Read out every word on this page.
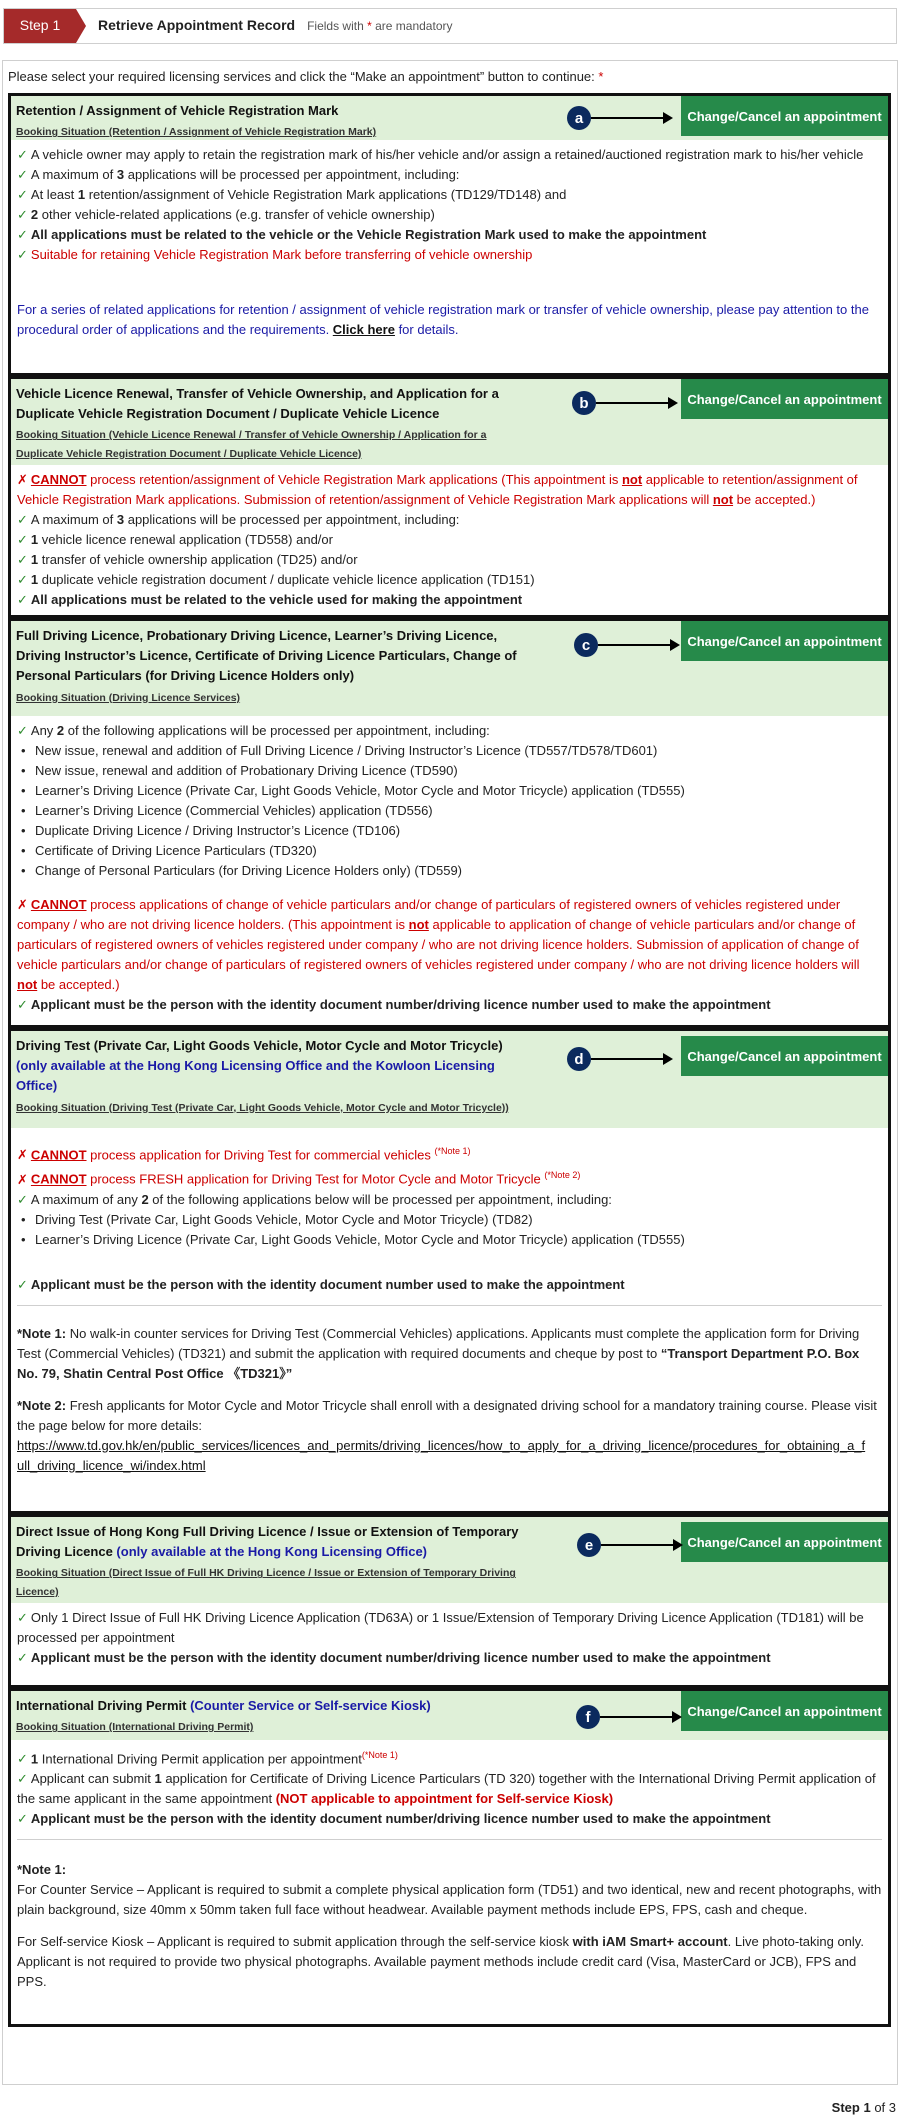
Step 1	Retrieve Appointment Record Fields with * are mandatory
Please select your required licensing services and click the “Make an appointment” button to continue: *
Retention / Assignment of Vehicle Registration Mark
Booking Situation (Retention / Assignment of Vehicle Registration Mark)
Change/Cancel an appointment
a
✓ A vehicle owner may apply to retain the registration mark of his/her vehicle and/or assign a retained/auctioned registration mark to his/her vehicle
✓ A maximum of 3 applications will be processed per appointment, including:
✓ At least 1 retention/assignment of Vehicle Registration Mark applications (TD129/TD148) and
✓ 2 other vehicle-related applications (e.g. transfer of vehicle ownership)
✓ All applications must be related to the vehicle or the Vehicle Registration Mark used to make the appointment
✓ Suitable for retaining Vehicle Registration Mark before transferring of vehicle ownership
For a series of related applications for retention / assignment of vehicle registration mark or transfer of vehicle ownership, please pay attention to the procedural order of applications and the requirements. Click here for details.
Vehicle Licence Renewal, Transfer of Vehicle Ownership, and Application for a
Duplicate Vehicle Registration Document / Duplicate Vehicle Licence
Booking Situation (Vehicle Licence Renewal / Transfer of Vehicle Ownership / Application for a
Duplicate Vehicle Registration Document / Duplicate Vehicle Licence)
Change/Cancel an appointment
b
✗ CANNOT process retention/assignment of Vehicle Registration Mark applications (This appointment is not applicable to retention/assignment of Vehicle Registration Mark applications. Submission of retention/assignment of Vehicle Registration Mark applications will not be accepted.)
✓ A maximum of 3 applications will be processed per appointment, including:
✓ 1 vehicle licence renewal application (TD558) and/or
✓ 1 transfer of vehicle ownership application (TD25) and/or
✓ 1 duplicate vehicle registration document / duplicate vehicle licence application (TD151)
✓ All applications must be related to the vehicle used for making the appointment
Full Driving Licence, Probationary Driving Licence, Learner’s Driving Licence,
Driving Instructor’s Licence, Certificate of Driving Licence Particulars, Change of
Personal Particulars (for Driving Licence Holders only)
Booking Situation (Driving Licence Services)
Change/Cancel an appointment
c
✓ Any 2 of the following applications will be processed per appointment, including:
• New issue, renewal and addition of Full Driving Licence / Driving Instructor’s Licence (TD557/TD578/TD601)
• New issue, renewal and addition of Probationary Driving Licence (TD590)
• Learner’s Driving Licence (Private Car, Light Goods Vehicle, Motor Cycle and Motor Tricycle) application (TD555)
• Learner’s Driving Licence (Commercial Vehicles) application (TD556)
• Duplicate Driving Licence / Driving Instructor’s Licence (TD106)
• Certificate of Driving Licence Particulars (TD320)
• Change of Personal Particulars (for Driving Licence Holders only) (TD559)
✗ CANNOT process applications of change of vehicle particulars and/or change of particulars of registered owners of vehicles registered under company / who are not driving licence holders. (This appointment is not applicable to application of change of vehicle particulars and/or change of particulars of registered owners of vehicles registered under company / who are not driving licence holders. Submission of application of change of vehicle particulars and/or change of particulars of registered owners of vehicles registered under company / who are not driving licence holders will not be accepted.)
✓ Applicant must be the person with the identity document number/driving licence number used to make the appointment
Driving Test (Private Car, Light Goods Vehicle, Motor Cycle and Motor Tricycle)
(only available at the Hong Kong Licensing Office and the Kowloon Licensing
Office)
Booking Situation (Driving Test (Private Car, Light Goods Vehicle, Motor Cycle and Motor Tricycle))
Change/Cancel an appointment
d
✗ CANNOT process application for Driving Test for commercial vehicles $^{(*Note 1)}$
✗ CANNOT process FRESH application for Driving Test for Motor Cycle and Motor Tricycle $^{(*Note 2)}$
✓ A maximum of any 2 of the following applications below will be processed per appointment, including:
• Driving Test (Private Car, Light Goods Vehicle, Motor Cycle and Motor Tricycle) (TD82)
• Learner’s Driving Licence (Private Car, Light Goods Vehicle, Motor Cycle and Motor Tricycle) application (TD555)
✓ Applicant must be the person with the identity document number used to make the appointment
*Note 1: No walk-in counter services for Driving Test (Commercial Vehicles) applications. Applicants must complete the application form for Driving Test (Commercial Vehicles) (TD321) and submit the application with required documents and cheque by post to “Transport Department P.O. Box No. 79, Shatin Central Post Office 《TD321》”
*Note 2: Fresh applicants for Motor Cycle and Motor Tricycle shall enroll with a designated driving school for a mandatory training course. Please visit the page below for more details:
https://www.td.gov.hk/en/public_services/licences_and_permits/driving_licences/how_to_apply_for_a_driving_licence/procedures_for_obtaining_a_f
ull_driving_licence_wi/index.html
Direct Issue of Hong Kong Full Driving Licence / Issue or Extension of Temporary
Driving Licence (only available at the Hong Kong Licensing Office)
Booking Situation (Direct Issue of Full HK Driving Licence / Issue or Extension of Temporary Driving
Licence)
Change/Cancel an appointment
e
✓ Only 1 Direct Issue of Full HK Driving Licence Application (TD63A) or 1 Issue/Extension of Temporary Driving Licence Application (TD181) will be processed per appointment
✓ Applicant must be the person with the identity document number/driving licence number used to make the appointment
International Driving Permit (Counter Service or Self-service Kiosk)
Booking Situation (International Driving Permit)
Change/Cancel an appointment
f
✓ 1 International Driving Permit application per appointment$^{(*Note 1)}$
✓ Applicant can submit 1 application for Certificate of Driving Licence Particulars (TD 320) together with the International Driving Permit application of the same applicant in the same appointment (NOT applicable to appointment for Self-service Kiosk)
✓ Applicant must be the person with the identity document number/driving licence number used to make the appointment
*Note 1:
For Counter Service – Applicant is required to submit a complete physical application form (TD51) and two identical, new and recent photographs, with plain background, size 40mm x 50mm taken full face without headwear. Available payment methods include EPS, FPS, cash and cheque.
For Self-service Kiosk – Applicant is required to submit application through the self-service kiosk with iAM Smart+ account. Live photo-taking only. Applicant is not required to provide two physical photographs. Available payment methods include credit card (Visa, MasterCard or JCB), FPS and PPS.
Step 1 of 3
